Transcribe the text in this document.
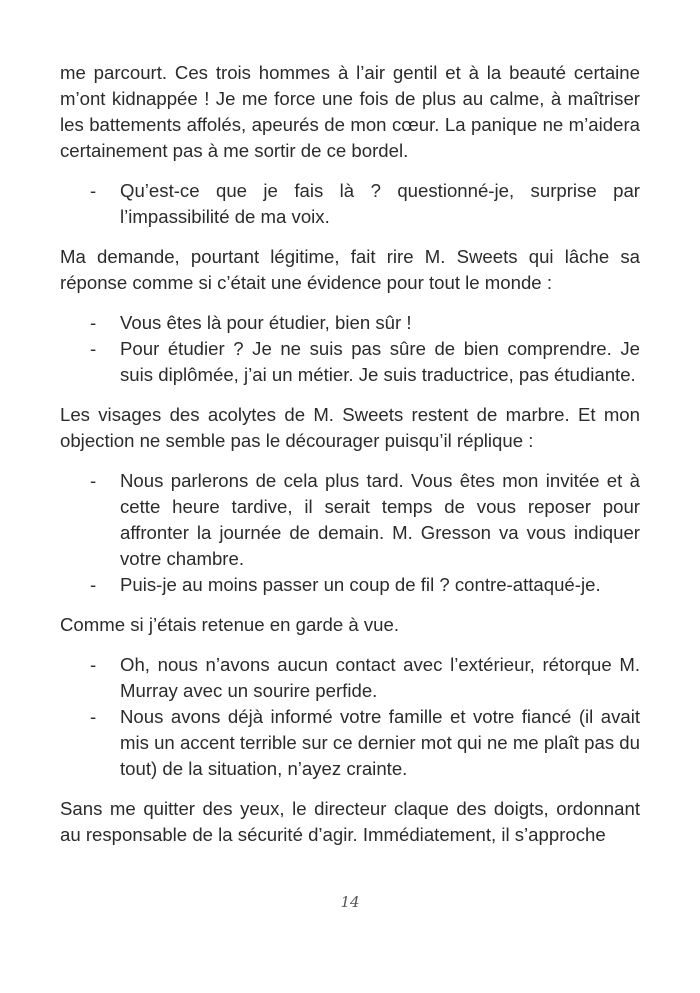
me parcourt. Ces trois hommes à l’air gentil et à la beauté certaine m’ont kidnappée ! Je me force une fois de plus au calme, à maîtriser les battements affolés, apeurés de mon cœur. La panique ne m’aidera certainement pas à me sortir de ce bordel.

- Qu’est-ce que je fais là ? questionné-je, surprise par l’impassibilité de ma voix.

Ma demande, pourtant légitime, fait rire M. Sweets qui lâche sa réponse comme si c’était une évidence pour tout le monde :

- Vous êtes là pour étudier, bien sûr !

- Pour étudier ? Je ne suis pas sûre de bien comprendre. Je suis diplômée, j’ai un métier. Je suis traductrice, pas étudiante.

Les visages des acolytes de M. Sweets restent de marbre. Et mon objection ne semble pas le décourager puisqu’il réplique :

- Nous parlerons de cela plus tard. Vous êtes mon invitée et à cette heure tardive, il serait temps de vous reposer pour affronter la journée de demain. M. Gresson va vous indiquer votre chambre.

- Puis-je au moins passer un coup de fil ? contre-attaqué-je.

Comme si j’étais retenue en garde à vue.

- Oh, nous n’avons aucun contact avec l’extérieur, rétorque M. Murray avec un sourire perfide.

- Nous avons déjà informé votre famille et votre fiancé (il avait mis un accent terrible sur ce dernier mot qui ne me plaît pas du tout) de la situation, n’ayez crainte.

Sans me quitter des yeux, le directeur claque des doigts, ordonnant au responsable de la sécurité d’agir. Immédiatement, il s’approche

14
